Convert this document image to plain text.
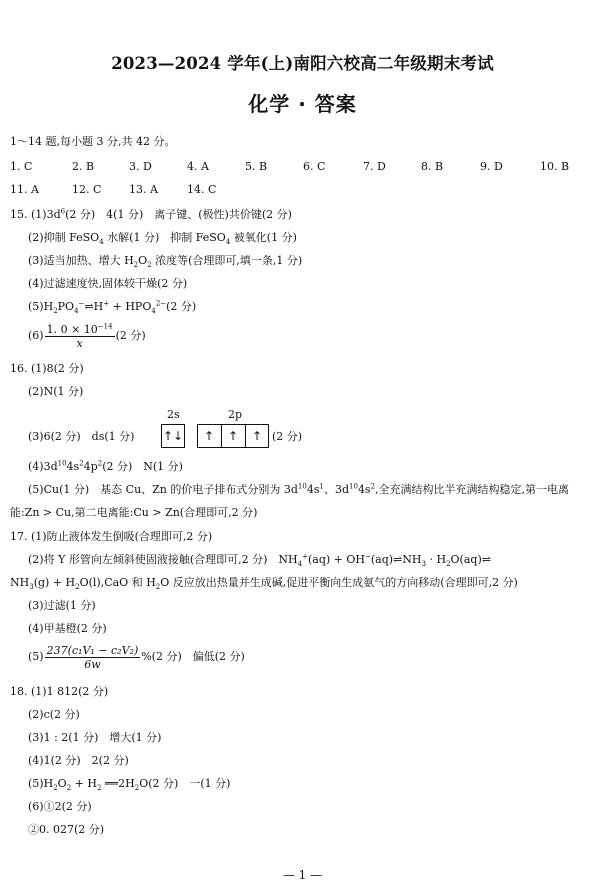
2023—2024 学年(上)南阳六校高二年级期末考试
化学 · 答案
1～14 题,每小题 3 分,共 42 分。
1. C	2. B	3. D	4. A	5. B	6. C	7. D	8. B	9. D	10. B
11. A	12. C	13. A	14. C
15. $(1)3d^6(2$ 分)　4(1 分)　离子键、(极性)共价键(2 分)
(2)抑制 FeSO$_4$ 水解(1 分)　抑制 FeSO$_4$ 被氧化(1 分)
(3)适当加热、增大 $H_2O_2$ 浓度等(合理即可,填一条,1 分)
(4)过滤速度快,固体较干燥(2 分)
$(5)H_2PO_4^-\rightleftharpoons H^+ + HPO_4^{2-}(2$ 分)
$(6) \frac{1. 0 \times 10^{-14}}{x} (2$ 分)
16. (1)8(2 分)
(2)N(1 分)
2s	2p
(3)6(2 分)　ds(1 分) ↑↓	↑	↑	↑ (2 分)
$(4)3d^{10}4s^24p^2(2$ 分)　N(1 分)
(5)Cu(1 分)　基态 Cu、Zn 的价电子排布式分别为 $3d^{10}4s^1$、$3d^{10}4s^2$,全充满结构比半充满结构稳定,第一电离
能:Zn > Cu,第二电离能:Cu > Zn(合理即可,2 分)
17. (1)防止液体发生倒吸(合理即可,2 分)
(2)将 Y 形管向左倾斜使固液接触(合理即可,2 分)　$NH_4^+(aq)$ + $OH^-(aq)\rightleftharpoons NH_3$ · $H_2O(aq)\rightleftharpoons$
$NH_3(g) + H_2O(l),CaO$ 和 $H_2O$ 反应放出热量并生成碱,促进平衡向生成氨气的方向移动(合理即可,2 分)
(3)过滤(1 分)
(4)甲基橙(2 分)
$(5) \frac{\text{237(c₁V₁ − c₂V₂)}}{6w} \%(2$ 分)　偏低(2 分)
18. (1)1 812(2 分)
(2)c(2 分)
(3)1 : 2(1 分)　增大(1 分)
(4)1(2 分)　2(2 分)
$(5)H_2O_2 + H_2$ $══2H_2O(2$ 分)　一(1 分)
(6)①2(2 分)
②0. 027(2 分)
— 1 —
